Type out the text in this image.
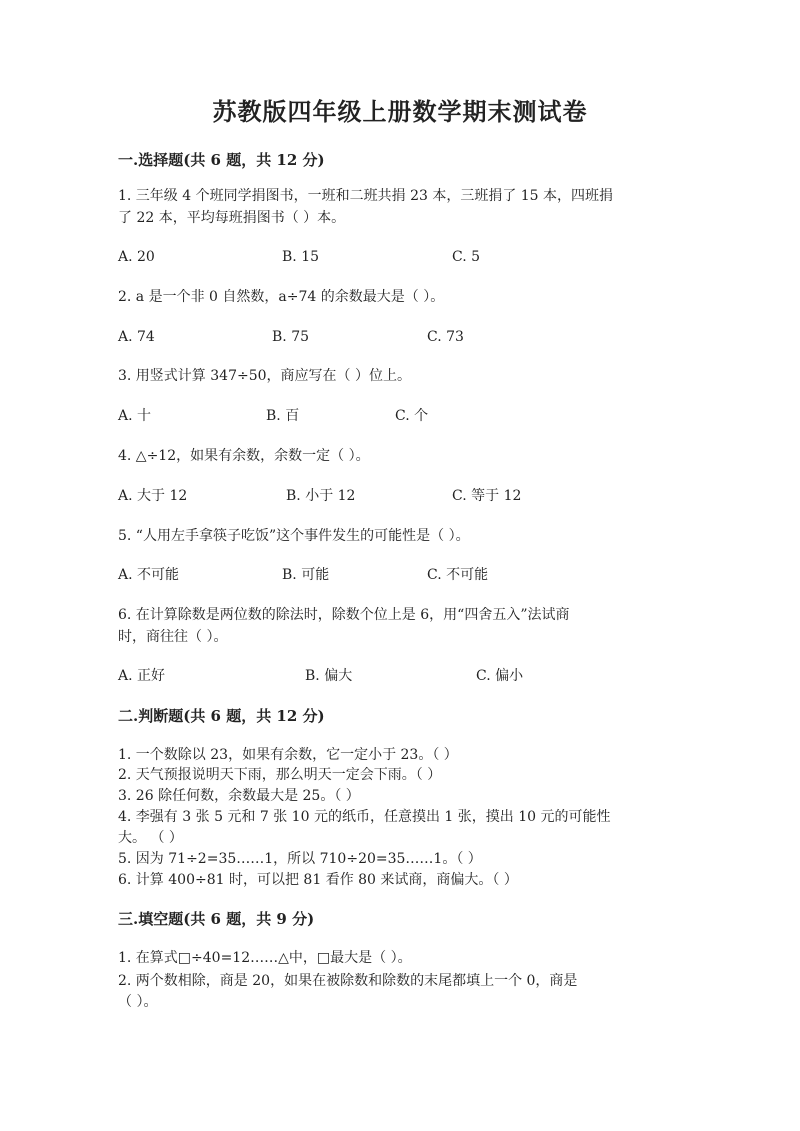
苏教版四年级上册数学期末测试卷
一.选择题(共 6 题，共 12 分)
1. 三年级 4 个班同学捐图书，一班和二班共捐 23 本，三班捐了 15 本，四班捐
了 22 本，平均每班捐图书（ ）本。
A. 20	B. 15	C. 5
2. a 是一个非 0 自然数，a÷74 的余数最大是（ ）。
A. 74	B. 75	C. 73
3. 用竖式计算 347÷50，商应写在（ ）位上。
A. 十	B. 百	C. 个
4. △÷12，如果有余数，余数一定（ ）。
A. 大于 12	B. 小于 12	C. 等于 12
5. “人用左手拿筷子吃饭”这个事件发生的可能性是（ ）。
A. 不可能	B. 可能	C. 不可能
6. 在计算除数是两位数的除法时，除数个位上是 6，用“四舍五入”法试商
时，商往往（ ）。
A. 正好	B. 偏大	C. 偏小
二.判断题(共 6 题，共 12 分)
1. 一个数除以 23，如果有余数，它一定小于 23。（ ）
2. 天气预报说明天下雨，那么明天一定会下雨。（ ）
3. 26 除任何数，余数最大是 25。（ ）
4. 李强有 3 张 5 元和 7 张 10 元的纸币，任意摸出 1 张，摸出 10 元的可能性
大。 （ ）
5. 因为 71÷2=35……1，所以 710÷20=35……1。（ ）
6. 计算 400÷81 时，可以把 81 看作 80 来试商，商偏大。（ ）
三.填空题(共 6 题，共 9 分)
1. 在算式□÷40=12……△中，□最大是（ ）。
2. 两个数相除，商是 20，如果在被除数和除数的末尾都填上一个 0，商是
（ ）。
